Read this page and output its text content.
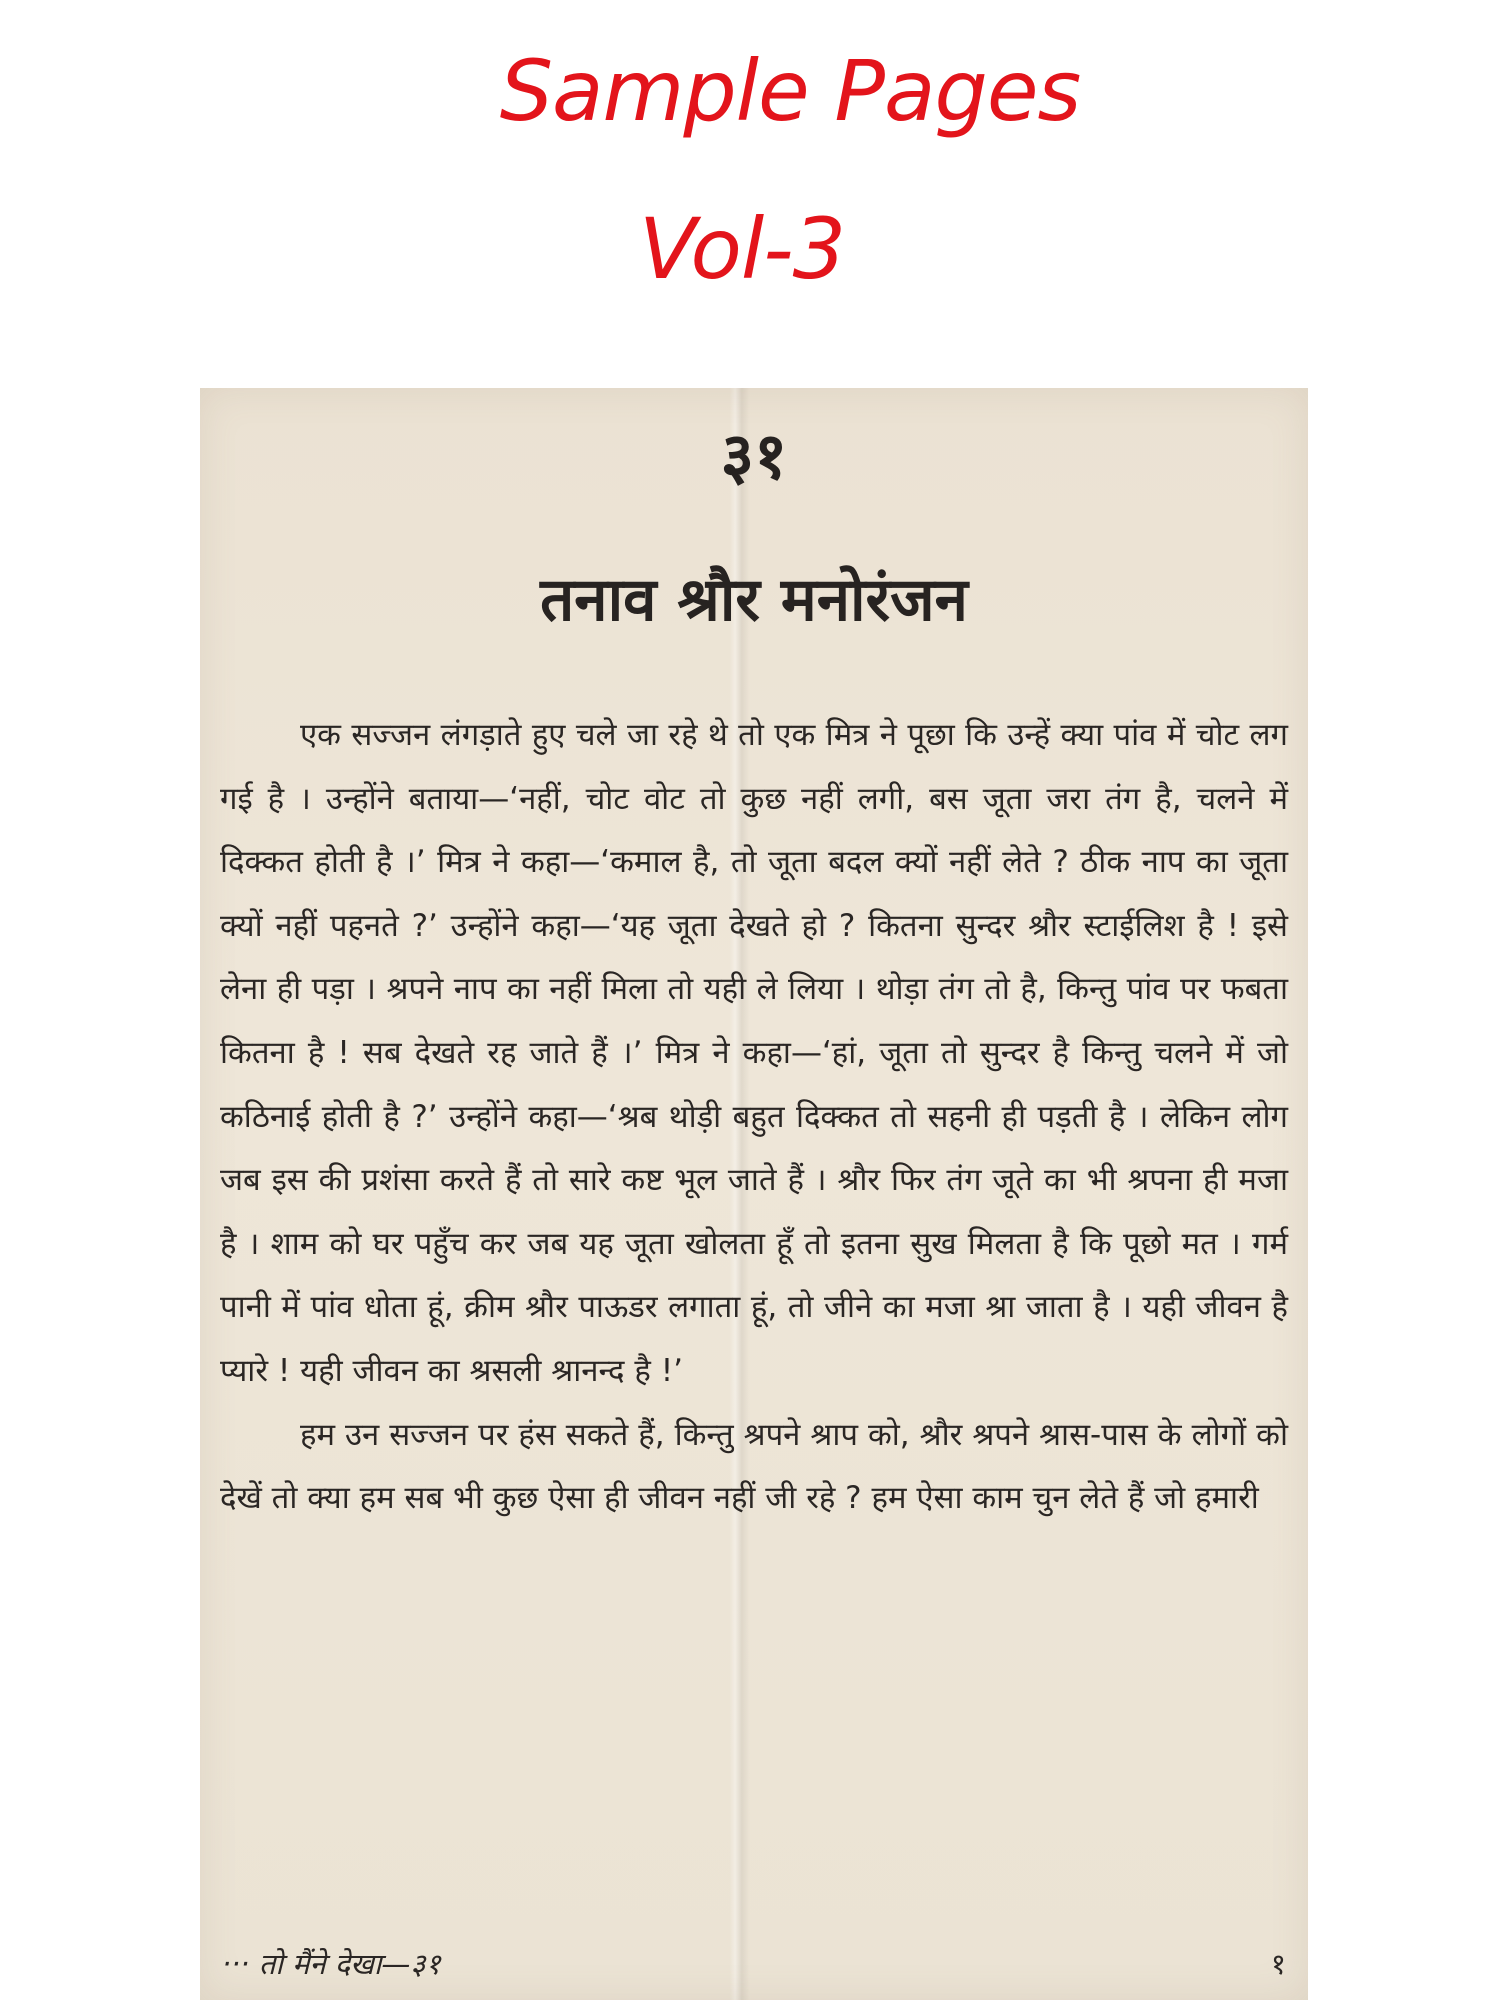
Sample Pages
Vol-3
३१
तनाव श्रौर मनोरंजन

एक सज्जन लंगड़ाते हुए चले जा रहे थे तो एक मित्र ने पूछा कि उन्हें क्या पांव में चोट लग गई है । उन्होंने बताया—‘नहीं, चोट वोट तो कुछ नहीं लगी, बस जूता जरा तंग है, चलने में दिक्कत होती है ।’ मित्र ने कहा—‘कमाल है, तो जूता बदल क्यों नहीं लेते ? ठीक नाप का जूता क्यों नहीं पहनते ?’ उन्होंने कहा—‘यह जूता देखते हो ? कितना सुन्दर श्रौर स्टाईलिश है ! इसे लेना ही पड़ा । श्रपने नाप का नहीं मिला तो यही ले लिया । थोड़ा तंग तो है, किन्तु पांव पर फबता कितना है ! सब देखते रह जाते हैं ।’ मित्र ने कहा—‘हां, जूता तो सुन्दर है किन्तु चलने में जो कठिनाई होती है ?’ उन्होंने कहा—‘श्रब थोड़ी बहुत दिक्कत तो सहनी ही पड़ती है । लेकिन लोग जब इस की प्रशंसा करते हैं तो सारे कष्ट भूल जाते हैं । श्रौर फिर तंग जूते का भी श्रपना ही मजा है । शाम को घर पहुँच कर जब यह जूता खोलता हूँ तो इतना सुख मिलता है कि पूछो मत । गर्म पानी में पांव धोता हूं, क्रीम श्रौर पाऊडर लगाता हूं, तो जीने का मजा श्रा जाता है । यही जीवन है प्यारे ! यही जीवन का श्रसली श्रानन्द है !’

हम उन सज्जन पर हंस सकते हैं, किन्तु श्रपने श्राप को, श्रौर श्रपने श्रास-पास के लोगों को देखें तो क्या हम सब भी कुछ ऐसा ही जीवन नहीं जी रहे ? हम ऐसा काम चुन लेते हैं जो हमारी

··· तो मैंने देखा—३१	१
